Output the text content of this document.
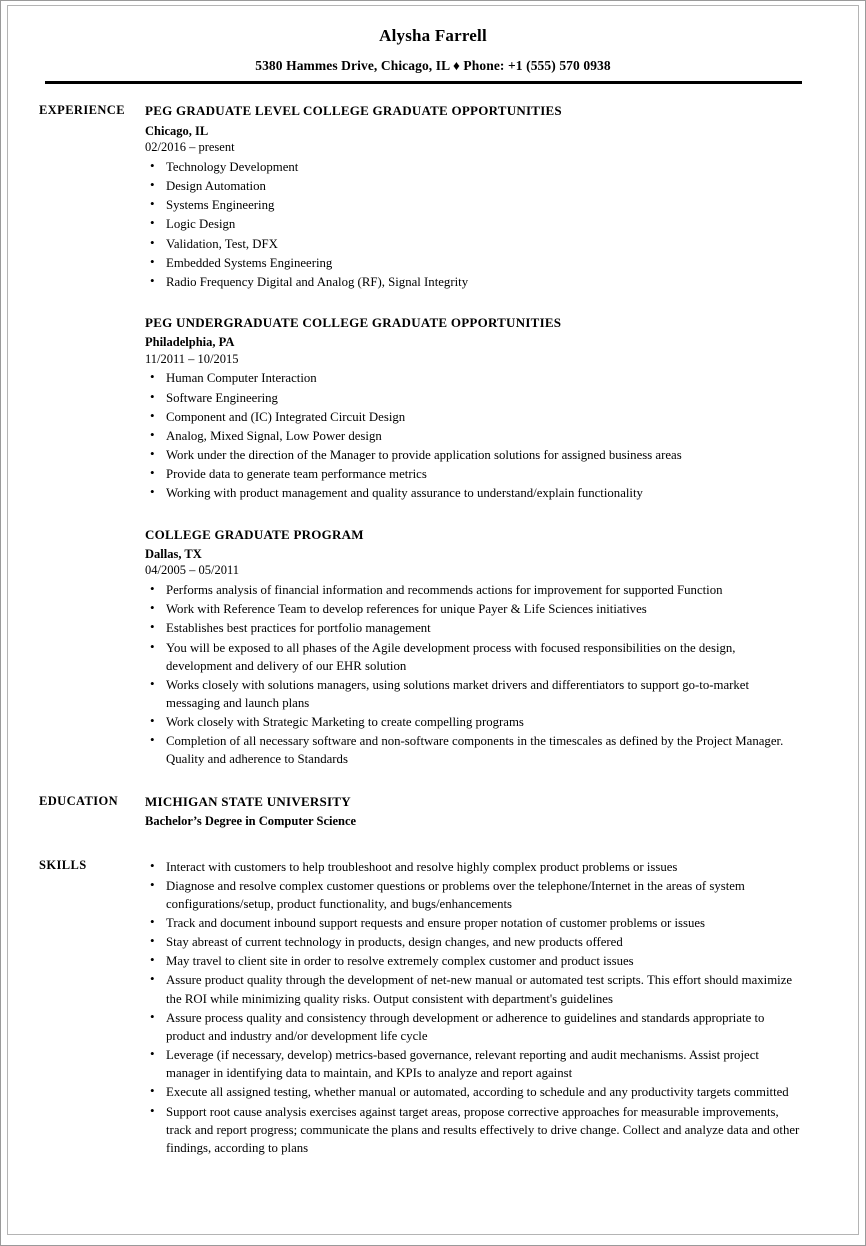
Alysha Farrell
5380 Hammes Drive, Chicago, IL ♦ Phone: +1 (555) 570 0938
EXPERIENCE	PEG GRADUATE LEVEL COLLEGE GRADUATE OPPORTUNITIES
Chicago, IL
02/2016 – present
• Technology Development
• Design Automation
• Systems Engineering
• Logic Design
• Validation, Test, DFX
• Embedded Systems Engineering
• Radio Frequency Digital and Analog (RF), Signal Integrity
PEG UNDERGRADUATE COLLEGE GRADUATE OPPORTUNITIES
Philadelphia, PA
11/2011 – 10/2015
• Human Computer Interaction
• Software Engineering
• Component and (IC) Integrated Circuit Design
• Analog, Mixed Signal, Low Power design
• Work under the direction of the Manager to provide application solutions for assigned business areas
• Provide data to generate team performance metrics
• Working with product management and quality assurance to understand/explain functionality
COLLEGE GRADUATE PROGRAM
Dallas, TX
04/2005 – 05/2011
• Performs analysis of financial information and recommends actions for improvement for supported Function
• Work with Reference Team to develop references for unique Payer & Life Sciences initiatives
• Establishes best practices for portfolio management
• You will be exposed to all phases of the Agile development process with focused responsibilities on the design, development and delivery of our EHR solution
• Works closely with solutions managers, using solutions market drivers and differentiators to support go-to-market messaging and launch plans
• Work closely with Strategic Marketing to create compelling programs
• Completion of all necessary software and non-software components in the timescales as defined by the Project Manager. Quality and adherence to Standards
EDUCATION	MICHIGAN STATE UNIVERSITY
Bachelor’s Degree in Computer Science
SKILLS	• Interact with customers to help troubleshoot and resolve highly complex product problems or issues
• Diagnose and resolve complex customer questions or problems over the telephone/Internet in the areas of system configurations/setup, product functionality, and bugs/enhancements
• Track and document inbound support requests and ensure proper notation of customer problems or issues
• Stay abreast of current technology in products, design changes, and new products offered
• May travel to client site in order to resolve extremely complex customer and product issues
• Assure product quality through the development of net-new manual or automated test scripts. This effort should maximize the ROI while minimizing quality risks. Output consistent with department's guidelines
• Assure process quality and consistency through development or adherence to guidelines and standards appropriate to product and industry and/or development life cycle
• Leverage (if necessary, develop) metrics-based governance, relevant reporting and audit mechanisms. Assist project manager in identifying data to maintain, and KPIs to analyze and report against
• Execute all assigned testing, whether manual or automated, according to schedule and any productivity targets committed
• Support root cause analysis exercises against target areas, propose corrective approaches for measurable improvements, track and report progress; communicate the plans and results effectively to drive change. Collect and analyze data and other findings, according to plans
